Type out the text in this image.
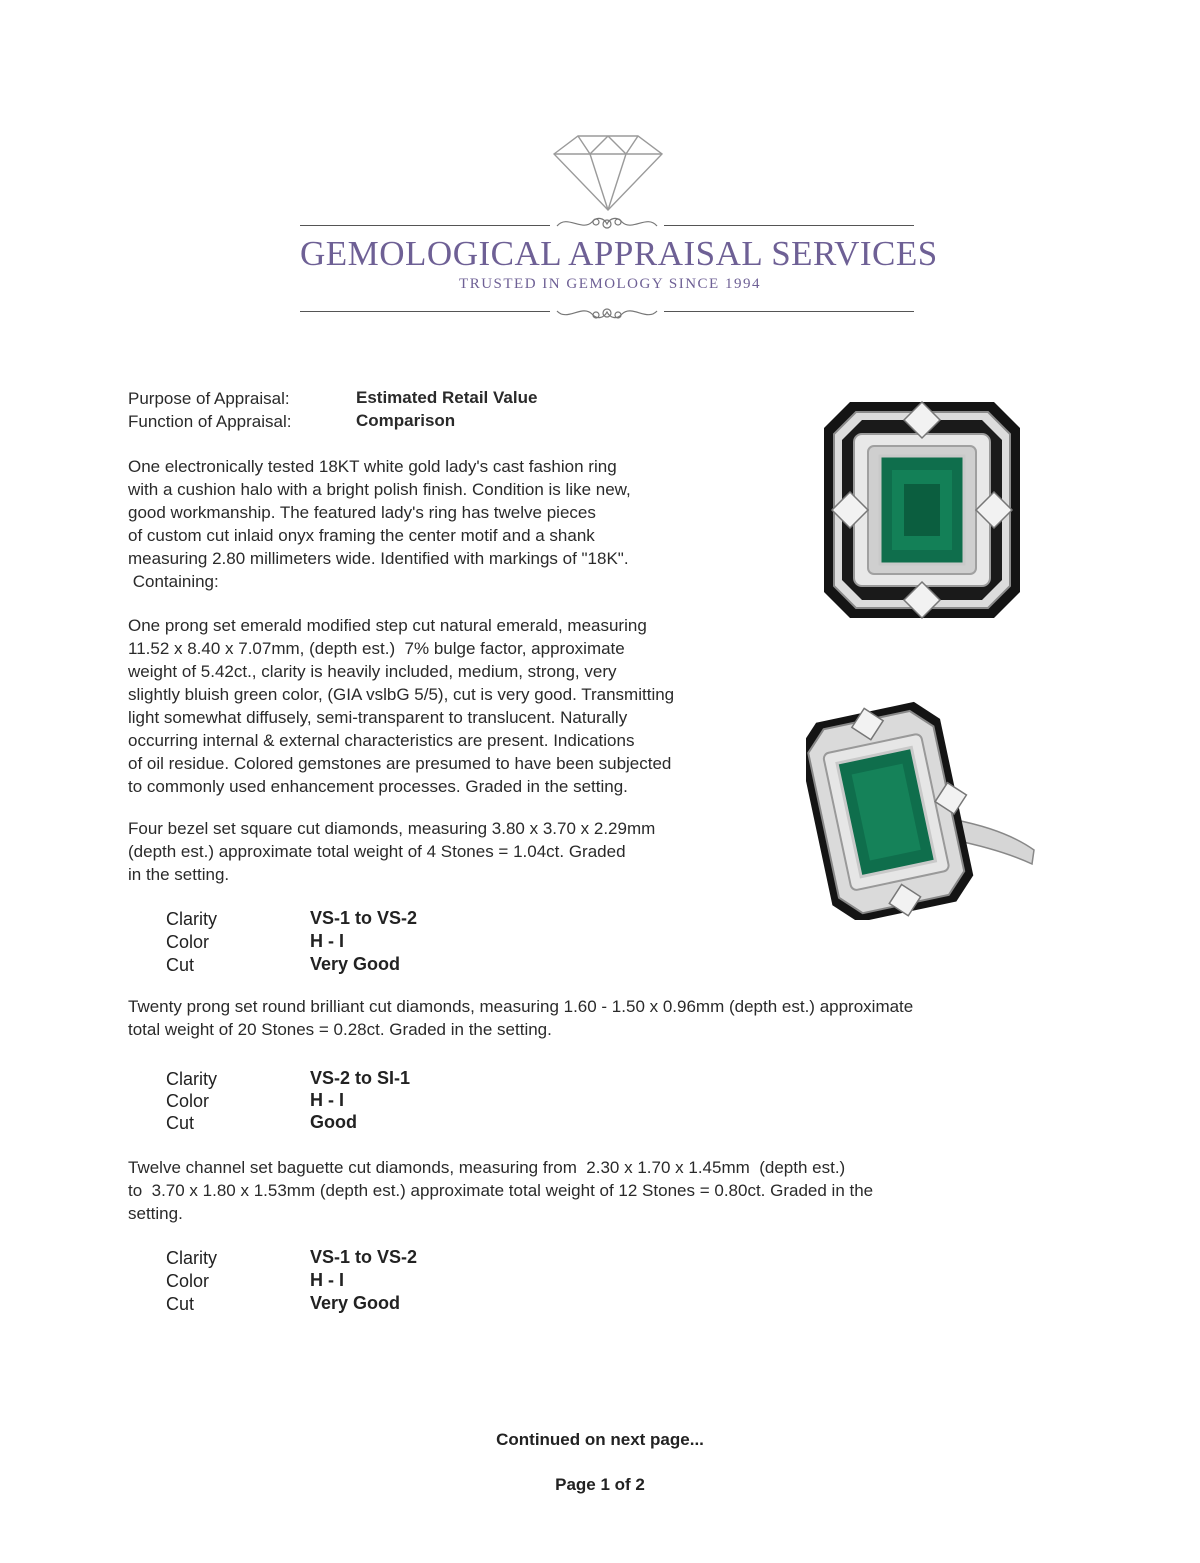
GEMOLOGICAL APPRAISAL SERVICES
TRUSTED IN GEMOLOGY SINCE 1994
Purpose of Appraisal:	Estimated Retail Value
Function of Appraisal:	Comparison
One electronically tested 18KT white gold lady's cast fashion ring
with a cushion halo with a bright polish finish. Condition is like new,
good workmanship. The featured lady's ring has twelve pieces
of custom cut inlaid onyx framing the center motif and a shank
measuring 2.80 millimeters wide. Identified with markings of "18K".
Containing:
One prong set emerald modified step cut natural emerald, measuring
11.52 x 8.40 x 7.07mm, (depth est.)  7% bulge factor, approximate
weight of 5.42ct., clarity is heavily included, medium, strong, very
slightly bluish green color, (GIA vslbG 5/5), cut is very good. Transmitting
light somewhat diffusely, semi-transparent to translucent. Naturally
occurring internal & external characteristics are present. Indications
of oil residue. Colored gemstones are presumed to have been subjected
to commonly used enhancement processes. Graded in the setting.
Four bezel set square cut diamonds, measuring 3.80 x 3.70 x 2.29mm
(depth est.) approximate total weight of 4 Stones = 1.04ct. Graded
in the setting.
Clarity	VS-1 to VS-2
Color	H - I
Cut	Very Good
Twenty prong set round brilliant cut diamonds, measuring 1.60 - 1.50 x 0.96mm (depth est.) approximate
total weight of 20 Stones = 0.28ct. Graded in the setting.
Clarity	VS-2 to SI-1
Color	H - I
Cut	Good
Twelve channel set baguette cut diamonds, measuring from  2.30 x 1.70 x 1.45mm  (depth est.)
to  3.70 x 1.80 x 1.53mm (depth est.) approximate total weight of 12 Stones = 0.80ct. Graded in the
setting.
Clarity	VS-1 to VS-2
Color	H - I
Cut	Very Good
Continued on next page...
Page 1 of 2
